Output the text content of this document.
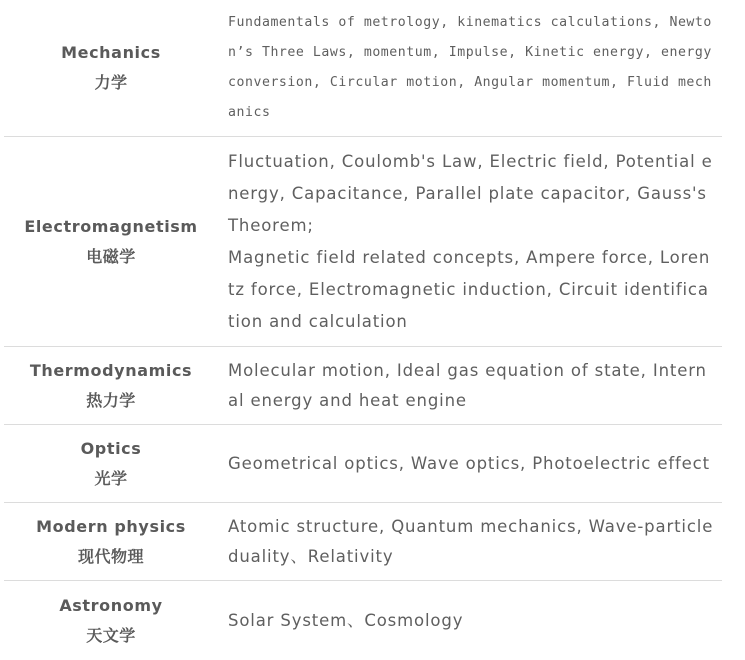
Mechanics
力学
Fundamentals of metrology, kinematics calculations, Newton’s Three Laws, momentum, Impulse, Kinetic energy, energy conversion, Circular motion, Angular momentum, Fluid mechanics
Electromagnetism
电磁学
Fluctuation, Coulomb's Law, Electric field, Potential energy, Capacitance, Parallel plate capacitor, Gauss's Theorem;
Magnetic field related concepts, Ampere force, Lorentz force, Electromagnetic induction, Circuit identification and calculation
Thermodynamics
热力学
Molecular motion, Ideal gas equation of state, Internal energy and heat engine
Optics
光学
Geometrical optics, Wave optics, Photoelectric effect
Modern physics
现代物理
Atomic structure, Quantum mechanics, Wave-particle duality、Relativity
Astronomy
天文学
Solar System、Cosmology
